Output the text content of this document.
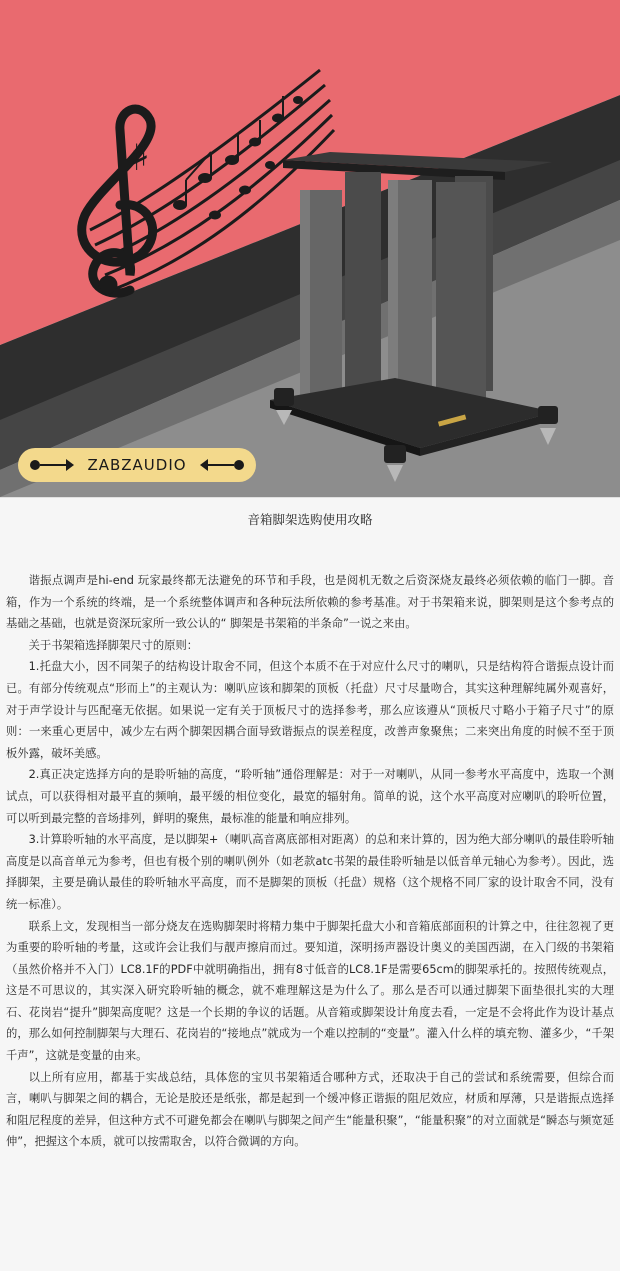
♯
ZABZAUDIO
音箱脚架选购使用攻略

谐振点调声是hi-end 玩家最终都无法避免的环节和手段，也是阅机无数之后资深烧友最终必须依赖的临门一脚。音箱，作为一个系统的终端，是一个系统整体调声和各种玩法所依赖的参考基准。对于书架箱来说，脚架则是这个参考点的基础之基础，也就是资深玩家所一致公认的“ 脚架是书架箱的半条命”一说之来由。

关于书架箱选择脚架尺寸的原则：

1.托盘大小，因不同架子的结构设计取舍不同，但这个本质不在于对应什么尺寸的喇叭，只是结构符合谐振点设计而已。有部分传统观点“形而上”的主观认为：喇叭应该和脚架的顶板（托盘）尺寸尽量吻合，其实这种理解纯属外观喜好，对于声学设计与匹配毫无依据。如果说一定有关于顶板尺寸的选择参考，那么应该遵从“顶板尺寸略小于箱子尺寸”的原则：一来重心更居中，减少左右两个脚架因耦合面导致谐振点的误差程度，改善声象聚焦；二来突出角度的时候不至于顶板外露，破坏美感。

2.真正决定选择方向的是聆听轴的高度，“聆听轴”通俗理解是：对于一对喇叭，从同一参考水平高度中，选取一个测试点，可以获得相对最平直的频响，最平缓的相位变化，最宽的辐射角。简单的说，这个水平高度对应喇叭的聆听位置，可以听到最完整的音场排列，鲜明的聚焦，最标准的能量和响应排列。

3.计算聆听轴的水平高度，是以脚架+（喇叭高音离底部相对距离）的总和来计算的，因为绝大部分喇叭的最佳聆听轴高度是以高音单元为参考，但也有极个别的喇叭例外（如老款atc书架的最佳聆听轴是以低音单元轴心为参考）。因此，选择脚架，主要是确认最佳的聆听轴水平高度，而不是脚架的顶板（托盘）规格（这个规格不同厂家的设计取舍不同，没有统一标准）。

联系上文，发现相当一部分烧友在选购脚架时将精力集中于脚架托盘大小和音箱底部面积的计算之中，往往忽视了更为重要的聆听轴的考量，这或许会让我们与靓声擦肩而过。要知道，深明扬声器设计奥义的美国西湖，在入门级的书架箱（虽然价格并不入门）LC8.1F的PDF中就明确指出，拥有8寸低音的LC8.1F是需要65cm的脚架承托的。按照传统观点，这是不可思议的，其实深入研究聆听轴的概念，就不难理解这是为什么了。那么是否可以通过脚架下面垫很扎实的大理石、花岗岩“提升”脚架高度呢？这是一个长期的争议的话题。从音箱或脚架设计角度去看，一定是不会将此作为设计基点的，那么如何控制脚架与大理石、花岗岩的“接地点”就成为一个难以控制的“变量”。灌入什么样的填充物、灌多少，“千架千声”，这就是变量的由来。

以上所有应用，都基于实战总结，具体您的宝贝书架箱适合哪种方式，还取决于自己的尝试和系统需要，但综合而言，喇叭与脚架之间的耦合，无论是胶还是纸张，都是起到一个缓冲修正谐振的阻尼效应，材质和厚薄，只是谐振点选择和阻尼程度的差异，但这种方式不可避免都会在喇叭与脚架之间产生“能量积聚”，“能量积聚”的对立面就是“瞬态与频宽延伸”，把握这个本质，就可以按需取舍，以符合微调的方向。
